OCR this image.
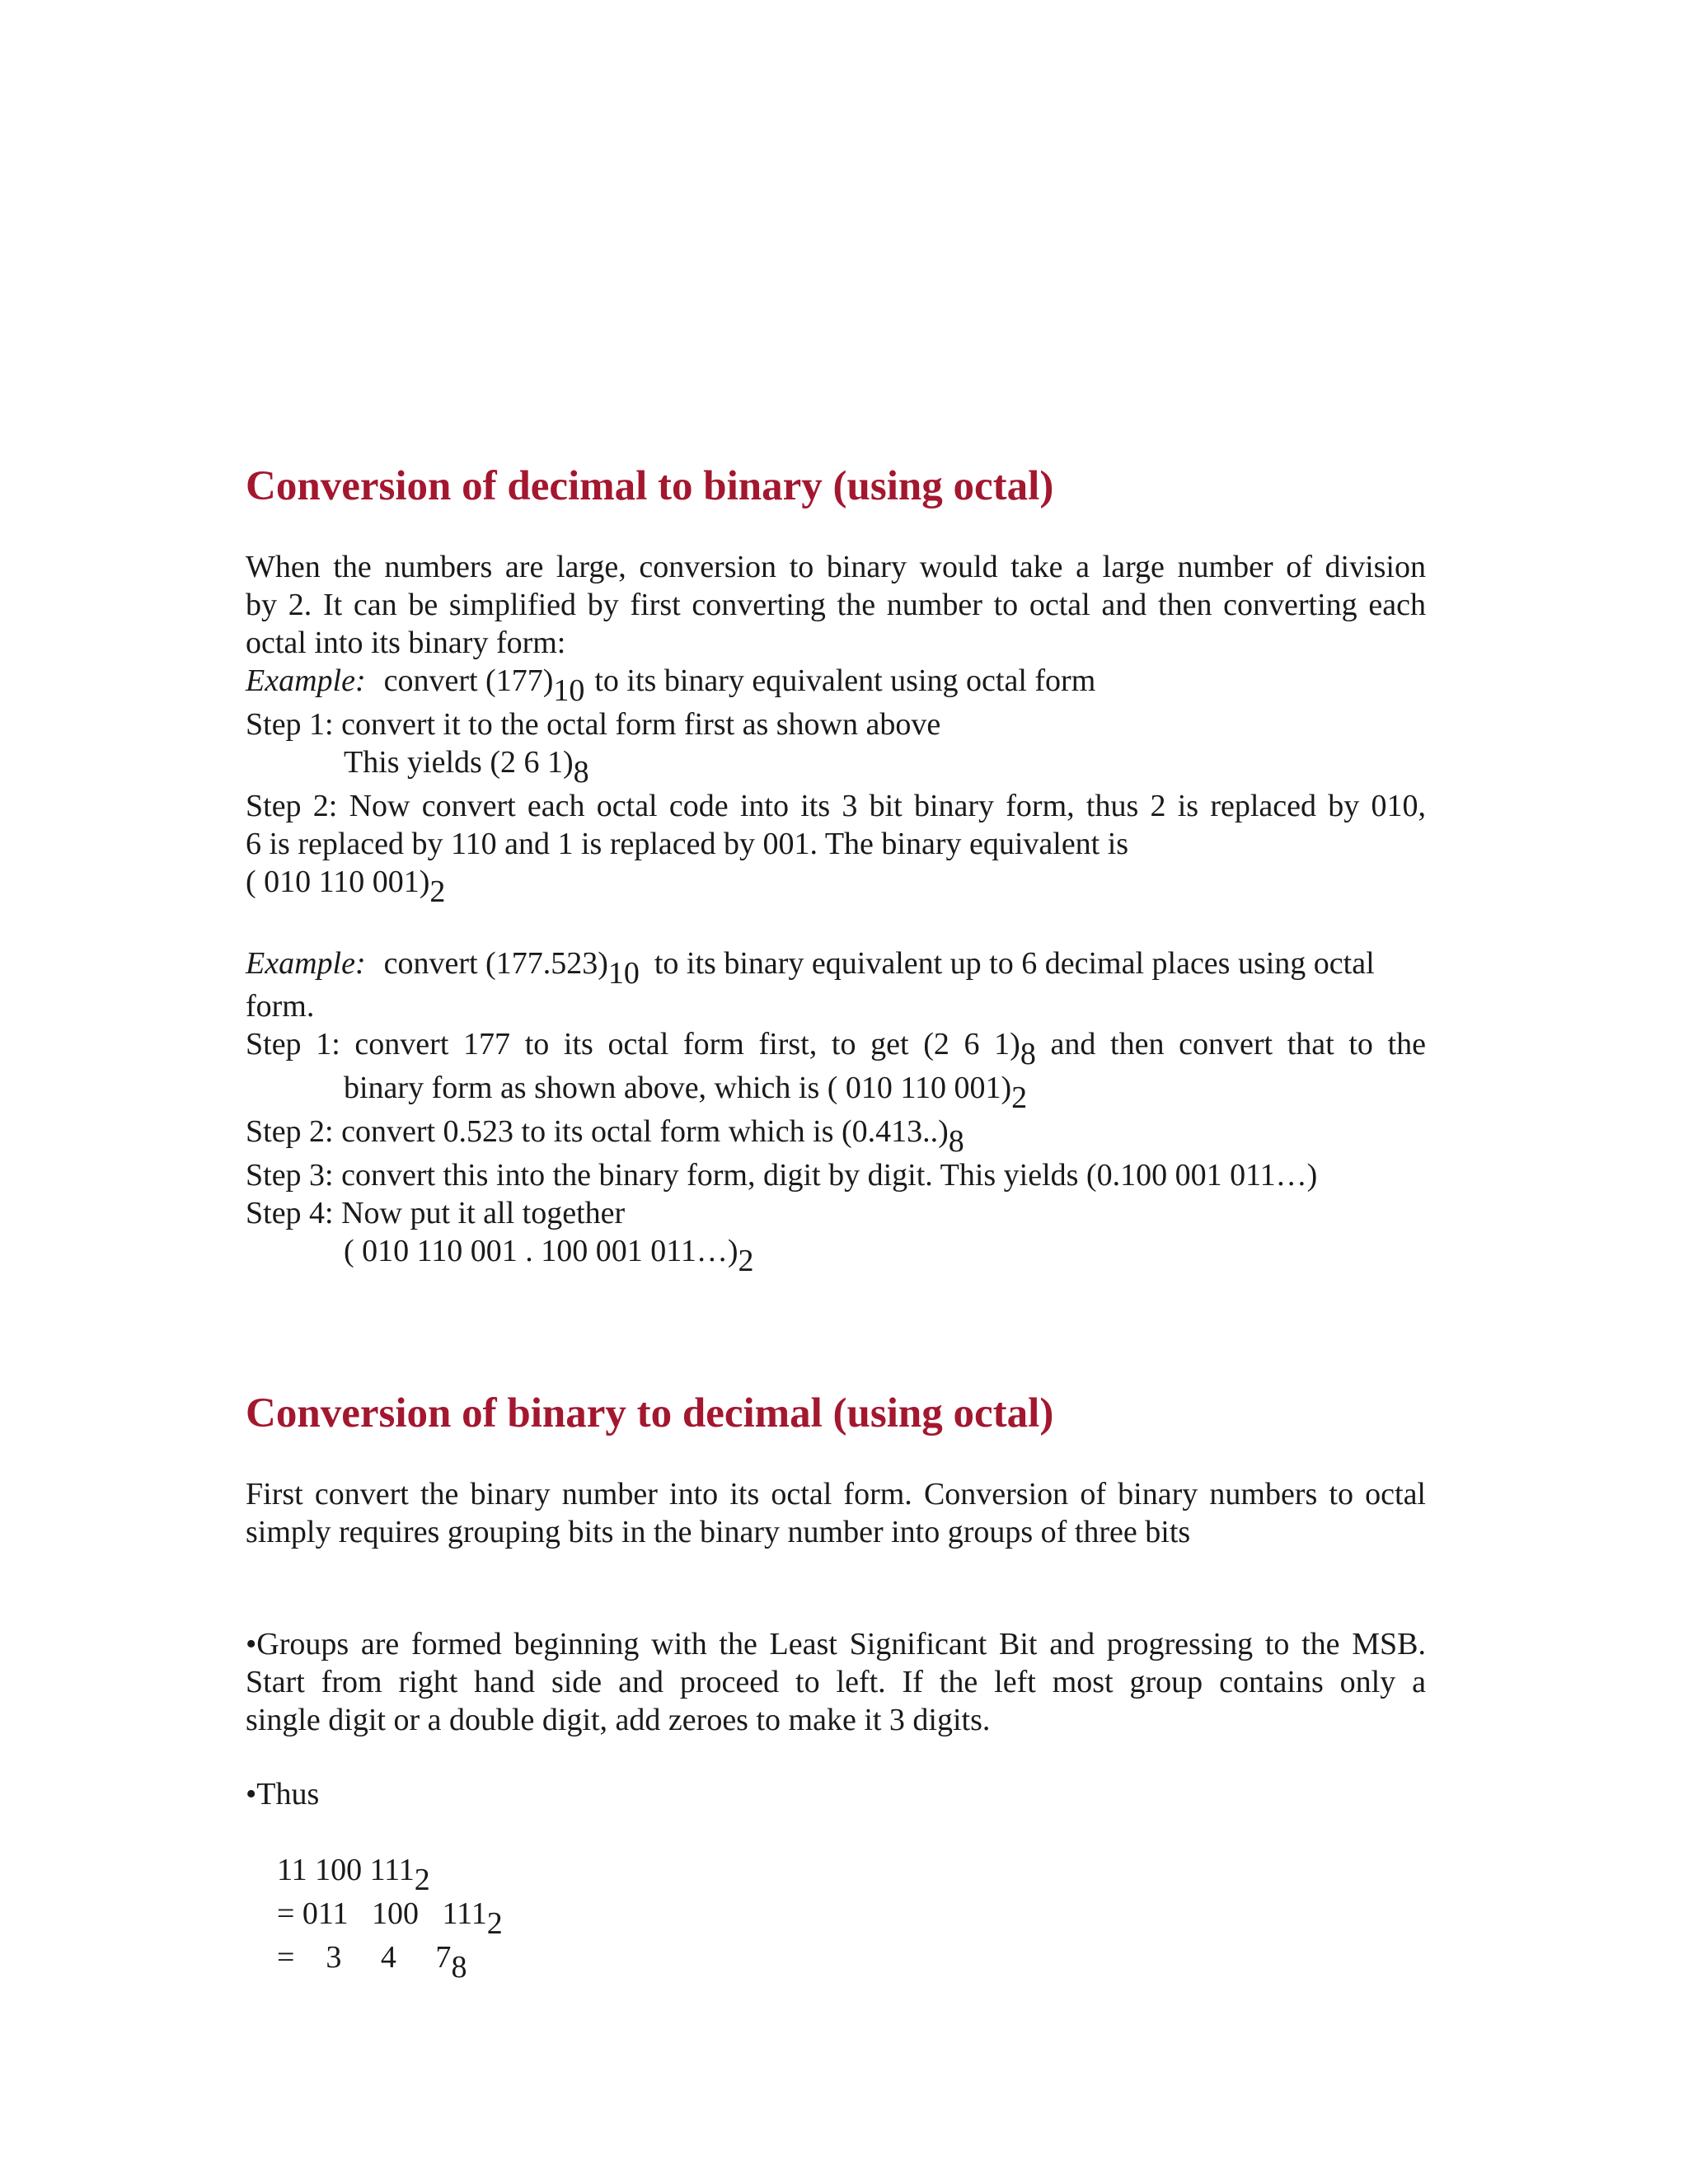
Conversion of decimal to binary (using octal)
When the numbers are large, conversion to binary would take a large number of division
by 2. It can be simplified by first converting the number to octal and then converting each
octal into its binary form:
Example: convert (177)10 to its binary equivalent using octal form
Step 1: convert it to the octal form first as shown above
This yields (2 6 1)8
Step 2: Now convert each octal code into its 3 bit binary form, thus 2 is replaced by 010,
6 is replaced by 110 and 1 is replaced by 001. The binary equivalent is
( 010 110 001)2
Example: convert (177.523)10 to its binary equivalent up to 6 decimal places using octal
form.
Step 1: convert 177 to its octal form first, to get (2 6 1)8 and then convert that to the
binary form as shown above, which is ( 010 110 001)2
Step 2: convert 0.523 to its octal form which is (0.413..)8
Step 3: convert this into the binary form, digit by digit. This yields (0.100 001 011…)
Step 4: Now put it all together
( 010 110 001 . 100 001 011…)2
Conversion of binary to decimal (using octal)
First convert the binary number into its octal form. Conversion of binary numbers to octal
simply requires grouping bits in the binary number into groups of three bits
•Groups are formed beginning with the Least Significant Bit and progressing to the MSB.
Start from right hand side and proceed to left. If the left most group contains only a
single digit or a double digit, add zeroes to make it 3 digits.
•Thus

11 100 1112

= 011   100   1112

=    3     4     78
